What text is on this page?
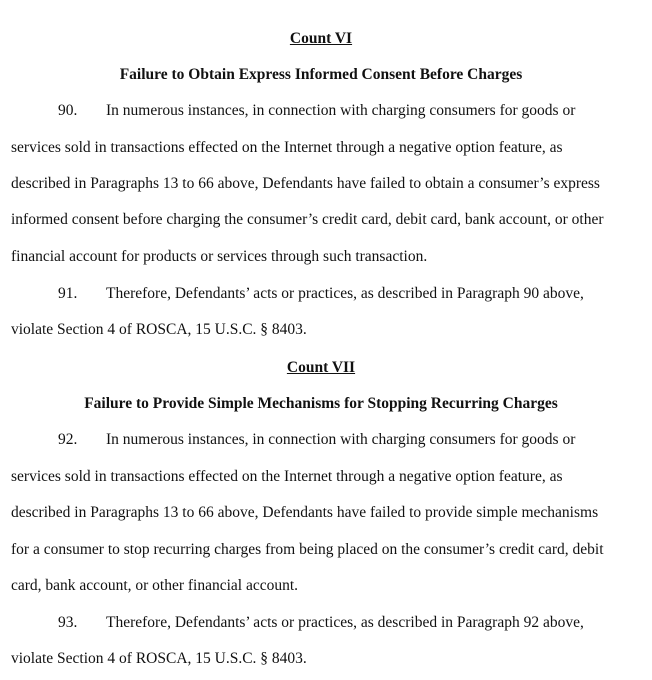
Count VI
Failure to Obtain Express Informed Consent Before Charges
90. In numerous instances, in connection with charging consumers for goods or
services sold in transactions effected on the Internet through a negative option feature, as
described in Paragraphs 13 to 66 above, Defendants have failed to obtain a consumer’s express
informed consent before charging the consumer’s credit card, debit card, bank account, or other
financial account for products or services through such transaction.
91. Therefore, Defendants’ acts or practices, as described in Paragraph 90 above,
violate Section 4 of ROSCA, 15 U.S.C. § 8403.
Count VII
Failure to Provide Simple Mechanisms for Stopping Recurring Charges
92. In numerous instances, in connection with charging consumers for goods or
services sold in transactions effected on the Internet through a negative option feature, as
described in Paragraphs 13 to 66 above, Defendants have failed to provide simple mechanisms
for a consumer to stop recurring charges from being placed on the consumer’s credit card, debit
card, bank account, or other financial account.
93. Therefore, Defendants’ acts or practices, as described in Paragraph 92 above,
violate Section 4 of ROSCA, 15 U.S.C. § 8403.
